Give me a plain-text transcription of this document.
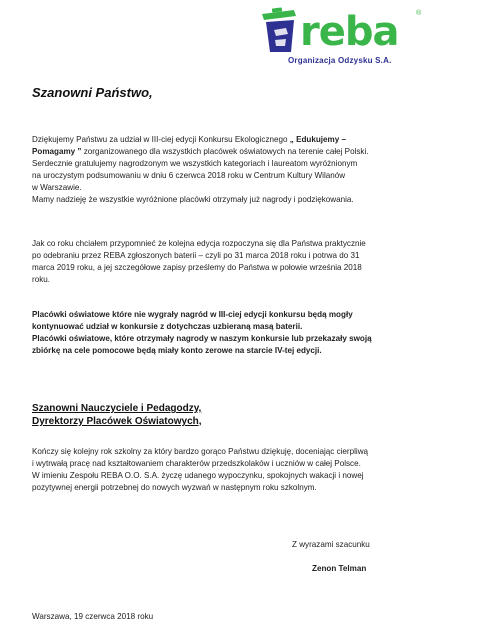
reba	®
Organizacja Odzysku S.A.
Szanowni Państwo,
Dziękujemy Państwu za udział w III-ciej edycji Konkursu Ekologicznego „ Edukujemy –
Pomagamy ” zorganizowanego dla wszystkich placówek oświatowych na terenie całej Polski.
Serdecznie gratulujemy nagrodzonym we wszystkich kategoriach i laureatom wyróżnionym
na uroczystym podsumowaniu w dniu 6 czerwca 2018 roku w Centrum Kultury Wilanów
w Warszawie.
Mamy nadzieję że wszystkie wyróżnione placówki otrzymały już nagrody i podziękowania.
Jak co roku chciałem przypomnieć że kolejna edycja rozpoczyna się dla Państwa praktycznie
po odebraniu przez REBA zgłoszonych baterii – czyli po 31 marca 2018 roku i potrwa do 31
marca 2019 roku, a jej szczegółowe zapisy prześlemy do Państwa w połowie września 2018
roku.
Placówki oświatowe które nie wygrały nagród w III-ciej edycji konkursu będą mogły
kontynuować udział w konkursie z dotychczas uzbieraną masą baterii.
Placówki oświatowe, które otrzymały nagrody w naszym konkursie lub przekazały swoją
zbiórkę na cele pomocowe będą miały konto zerowe na starcie IV-tej edycji.
Szanowni Nauczyciele i Pedagodzy,
Dyrektorzy Placówek Oświatowych,
Kończy się kolejny rok szkolny za który bardzo gorąco Państwu dziękuję, doceniając cierpliwą
i wytrwałą pracę nad kształtowaniem charakterów przedszkolaków i uczniów w całej Polsce.
W imieniu Zespołu REBA O.O. S.A. życzę udanego wypoczynku, spokojnych wakacji i nowej
pozytywnej energii potrzebnej do nowych wyzwań w następnym roku szkolnym.
Z wyrazami szacunku
Zenon Telman
Warszawa, 19 czerwca 2018 roku
